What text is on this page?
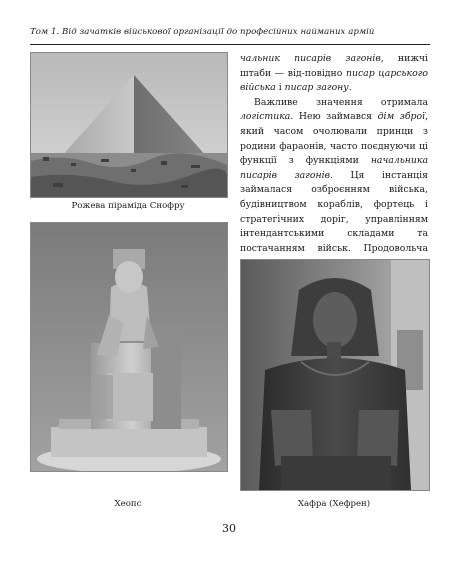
Том 1. Від зачатків військової організації до професійних найманих армій
Рожева піраміда Снофру
Хеопс

чальник писарів загонів, нижчі штаби — від-повідно писар царського війська і писар загону.

Важливе значення отримала логістика. Нею займався дім зброї, який часом очолювали принци з родини фараонів, часто поєднуючи ці функції з функціями начальника писарів загонів. Ця інстанція займалася озброєнням війська, будівництвом кораблів, фортець і стратегічних доріг, управлінням інтендантськими складами та постачанням військ. Продовольча

Хафра (Хефрен)
30
